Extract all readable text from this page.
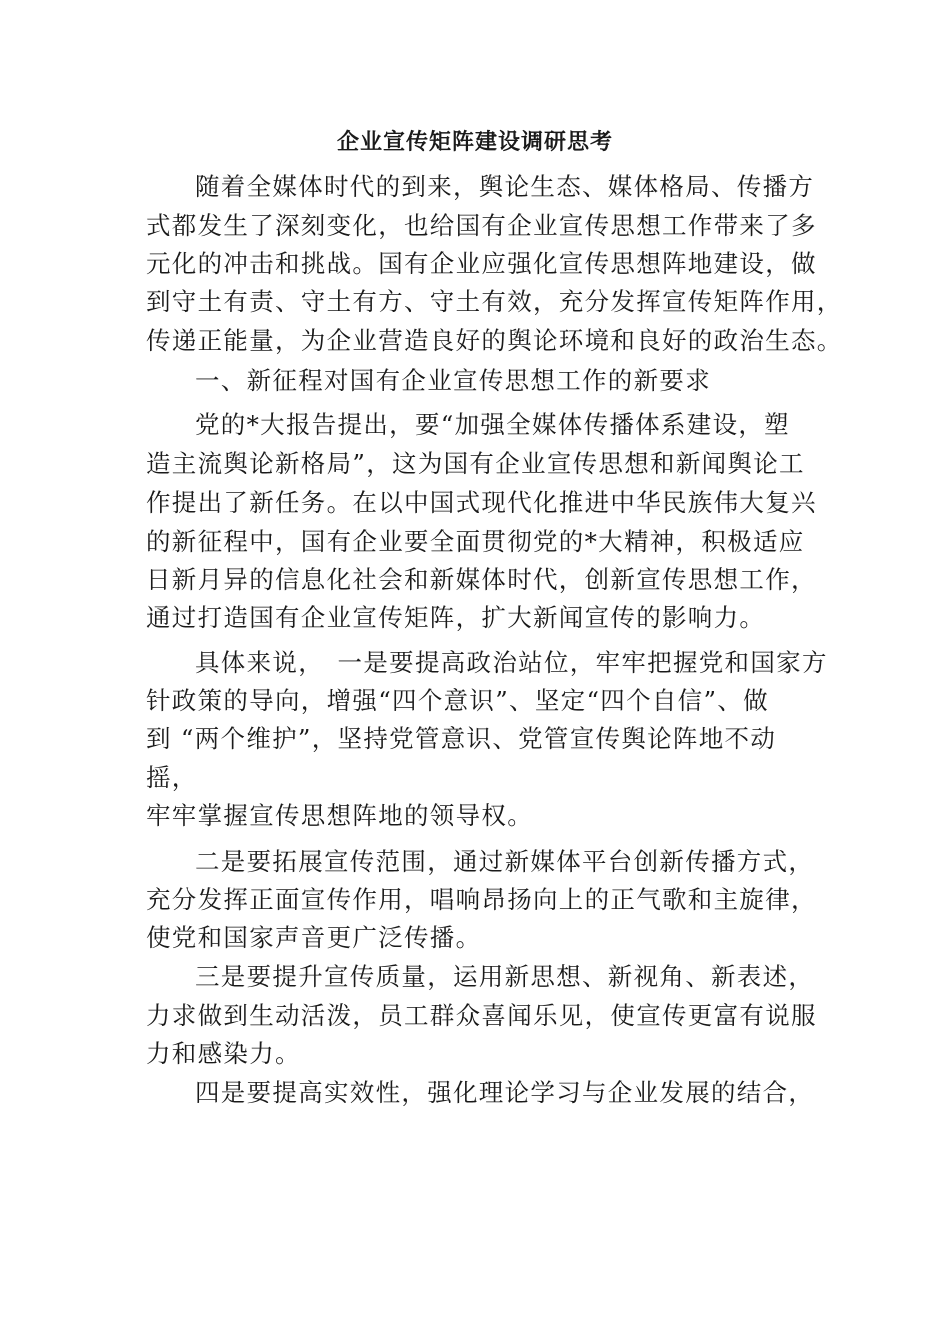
企业宣传矩阵建设调研思考
随着全媒体时代的到来，舆论生态、媒体格局、传播方
式都发生了深刻变化，也给国有企业宣传思想工作带来了多
元化的冲击和挑战。国有企业应强化宣传思想阵地建设，做
到守土有责、守土有方、守土有效，充分发挥宣传矩阵作用，
传递正能量，为企业营造良好的舆论环境和良好的政治生态。
一、新征程对国有企业宣传思想工作的新要求
党的*大报告提出，要“加强全媒体传播体系建设，塑
造主流舆论新格局”，这为国有企业宣传思想和新闻舆论工
作提出了新任务。在以中国式现代化推进中华民族伟大复兴
的新征程中，国有企业要全面贯彻党的*大精神，积极适应
日新月异的信息化社会和新媒体时代，创新宣传思想工作，
通过打造国有企业宣传矩阵，扩大新闻宣传的影响力。
具体来说，　一是要提高政治站位，牢牢把握党和国家方
针政策的导向，增强“四个意识”、坚定“四个自信”、做
到 “两个维护”，坚持党管意识、党管宣传舆论阵地不动
摇，
牢牢掌握宣传思想阵地的领导权。
二是要拓展宣传范围，通过新媒体平台创新传播方式，
充分发挥正面宣传作用，唱响昂扬向上的正气歌和主旋律，
使党和国家声音更广泛传播。
三是要提升宣传质量，运用新思想、新视角、新表述，
力求做到生动活泼，员工群众喜闻乐见，使宣传更富有说服
力和感染力。
四是要提高实效性，强化理论学习与企业发展的结合，
